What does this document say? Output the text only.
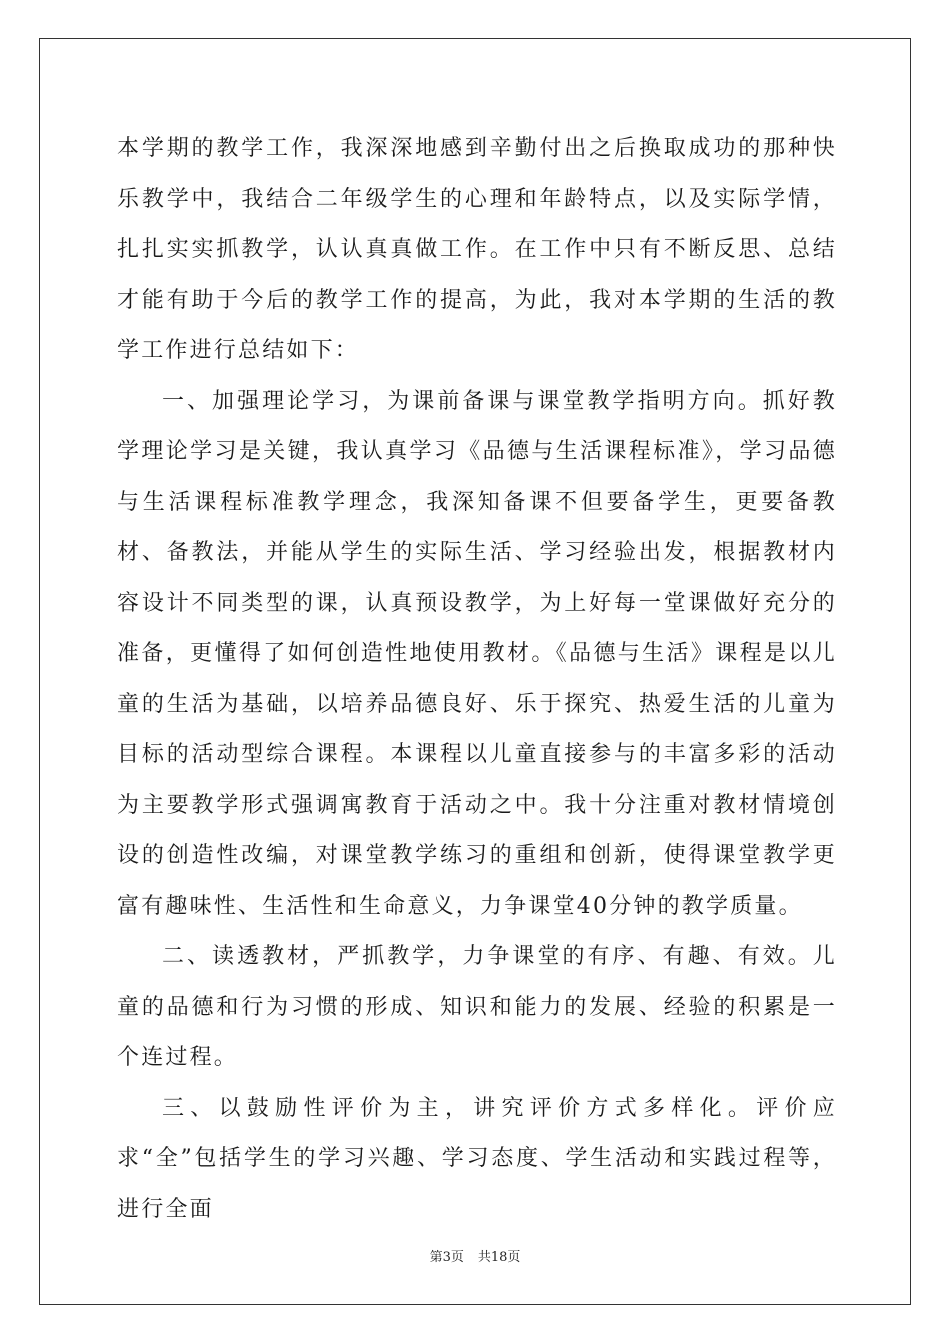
本学期的教学工作，我深深地感到辛勤付出之后换取成功的那种快乐教学中，我结合二年级学生的心理和年龄特点，以及实际学情，扎扎实实抓教学，认认真真做工作。在工作中只有不断反思、总结才能有助于今后的教学工作的提高，为此，我对本学期的生活的教学工作进行总结如下：

一、加强理论学习，为课前备课与课堂教学指明方向。抓好教学理论学习是关键，我认真学习《品德与生活课程标准》，学习品德与生活课程标准教学理念，我深知备课不但要备学生，更要备教材、备教法，并能从学生的实际生活、学习经验出发，根据教材内容设计不同类型的课，认真预设教学，为上好每一堂课做好充分的准备，更懂得了如何创造性地使用教材。《品德与生活》课程是以儿童的生活为基础，以培养品德良好、乐于探究、热爱生活的儿童为目标的活动型综合课程。本课程以儿童直接参与的丰富多彩的活动为主要教学形式强调寓教育于活动之中。我十分注重对教材情境创设的创造性改编，对课堂教学练习的重组和创新，使得课堂教学更富有趣味性、生活性和生命意义，力争课堂40分钟的教学质量。

二、读透教材，严抓教学，力争课堂的有序、有趣、有效。儿童的品德和行为习惯的形成、知识和能力的发展、经验的积累是一个连过程。

三、以鼓励性评价为主，讲究评价方式多样化。评价应求“全”包括学生的学习兴趣、学习态度、学生活动和实践过程等，进行全面

第3页 共18页
